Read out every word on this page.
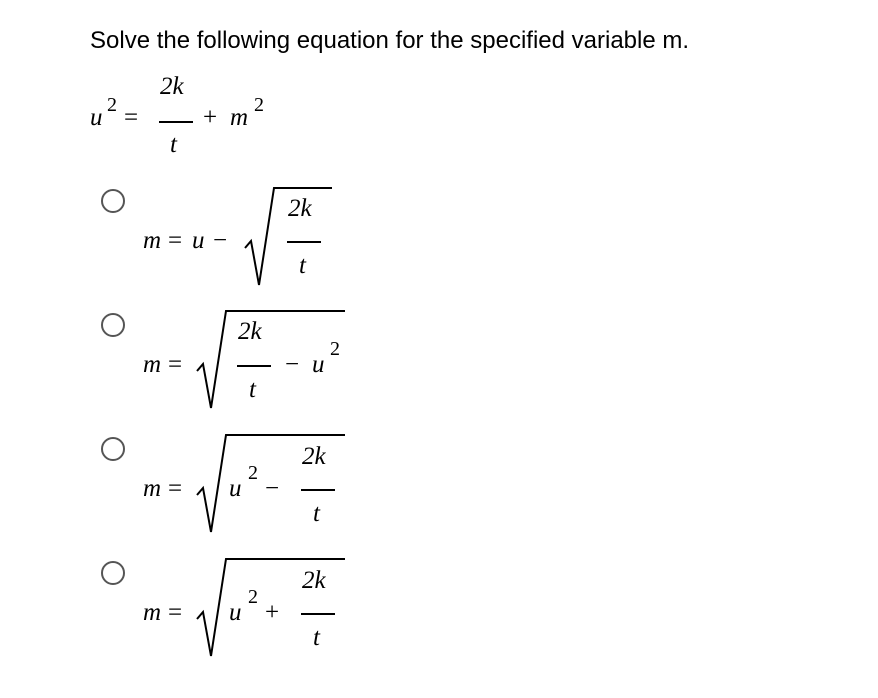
Solve the following equation for the specified variable m.
u 2 =
2k
t
+ m 2
m = u −
2k
t
m =
2k
t
− u
2
m = u
2
−
2k
t
m = u
2
+
2k
t
